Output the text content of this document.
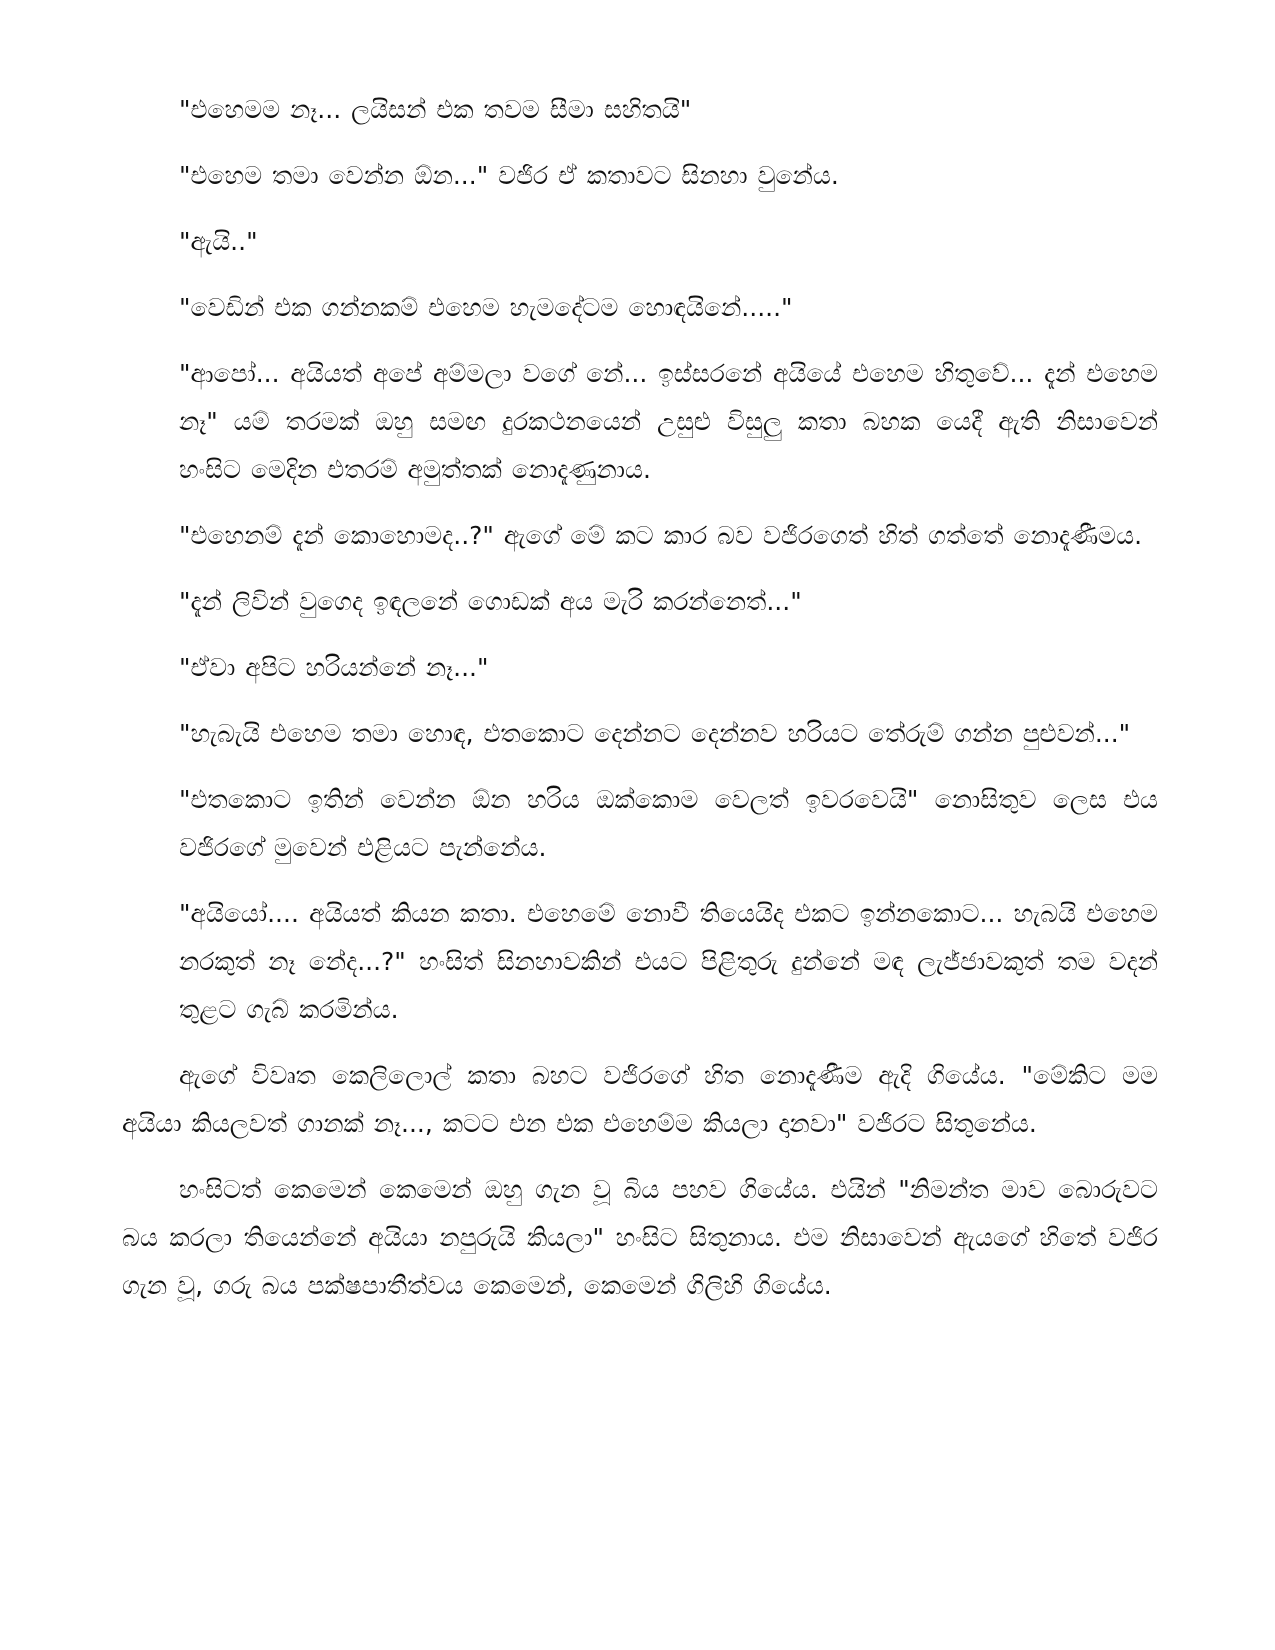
"එහෙමම නෑ... ලයිසන් එක තවම සීමා සහිතයි"

"එහෙම තමා වෙන්න ඕන..." වජිර ඒ කතාවට සිනහා වුනේය.

"ඇයි.."

"වෙඩින් එක ගන්නකම් එහෙම හැමදේටම හොඳයිනේ....."

"ආපෝ... අයියත් අපේ අම්මලා වගේ නේ... ඉස්සරනේ අයියේ එහෙම හිතුවේ... දැන් එහෙම නෑ" යම් තරමක් ඔහු සමඟ දුරකථනයෙන් උසුළු විසුලු කතා බහක යෙදී ඇති නිසාවෙන් හංසිට මෙදින එතරම් අමුත්තක් නොදැණුනාය.

"එහෙනම් දැන් කොහොමද..?" ඇගේ මේ කට කාර බව වජිරගෙත් හිත් ගත්තේ නොදැණීමය.

"දැන් ලිවින් වුගෙද ඉඳලනේ ගොඩක් අය මැරි කරන්නෙත්..."

"ඒවා අපිට හරියන්නේ නෑ..."

"හැබැයි එහෙම තමා හොඳ, එතකොට දෙන්නට දෙන්නව හරියට තේරුම් ගන්න පුළුවන්..."

"එතකොට ඉතින් වෙන්න ඕන හරිය ඔක්කොම වෙලත් ඉවරවෙයි" නොසිතුව ලෙස එය වජිරගේ මුවෙන් එළියට පැන්නේය.

"අයියෝ.... අයියත් කියන කතා. එහෙමේ නොවී තියෙයිද එකට ඉන්නකොට... හැබයි එහෙම නරකුත් නෑ නේද...?" හංසිත් සිනහාවකින් එයට පිළිතුරු දුන්නේ මඳ ලැජ්ජාවකුත් තම වදන් තුළට ගැබ් කරමින්ය.

ඇගේ විවෘත කෙලිලොල් කතා බහට වජිරගේ හිත නොදැණීම ඇදි ගියේය. "මේකිට මම අයියා කියලවත් ගානක් නෑ..., කටට එන එක එහෙම්ම කියලා දානවා" වජිරට සිතුනේය.

හංසිටත් කෙමෙන් කෙමෙන් ඔහු ගැන වූ බිය පහව ගියේය. එයින් "නිමන්ත මාව බොරුවට බය කරලා තියෙන්නේ අයියා නපුරුයි කියලා" හංසිට සිතුනාය. එම නිසාවෙන් ඇයගේ හිතේ වජිර ගැන වූ, ගරු බය පක්ෂපාතීත්වය කෙමෙන්, කෙමෙන් ගිලිහි ගියේය.
